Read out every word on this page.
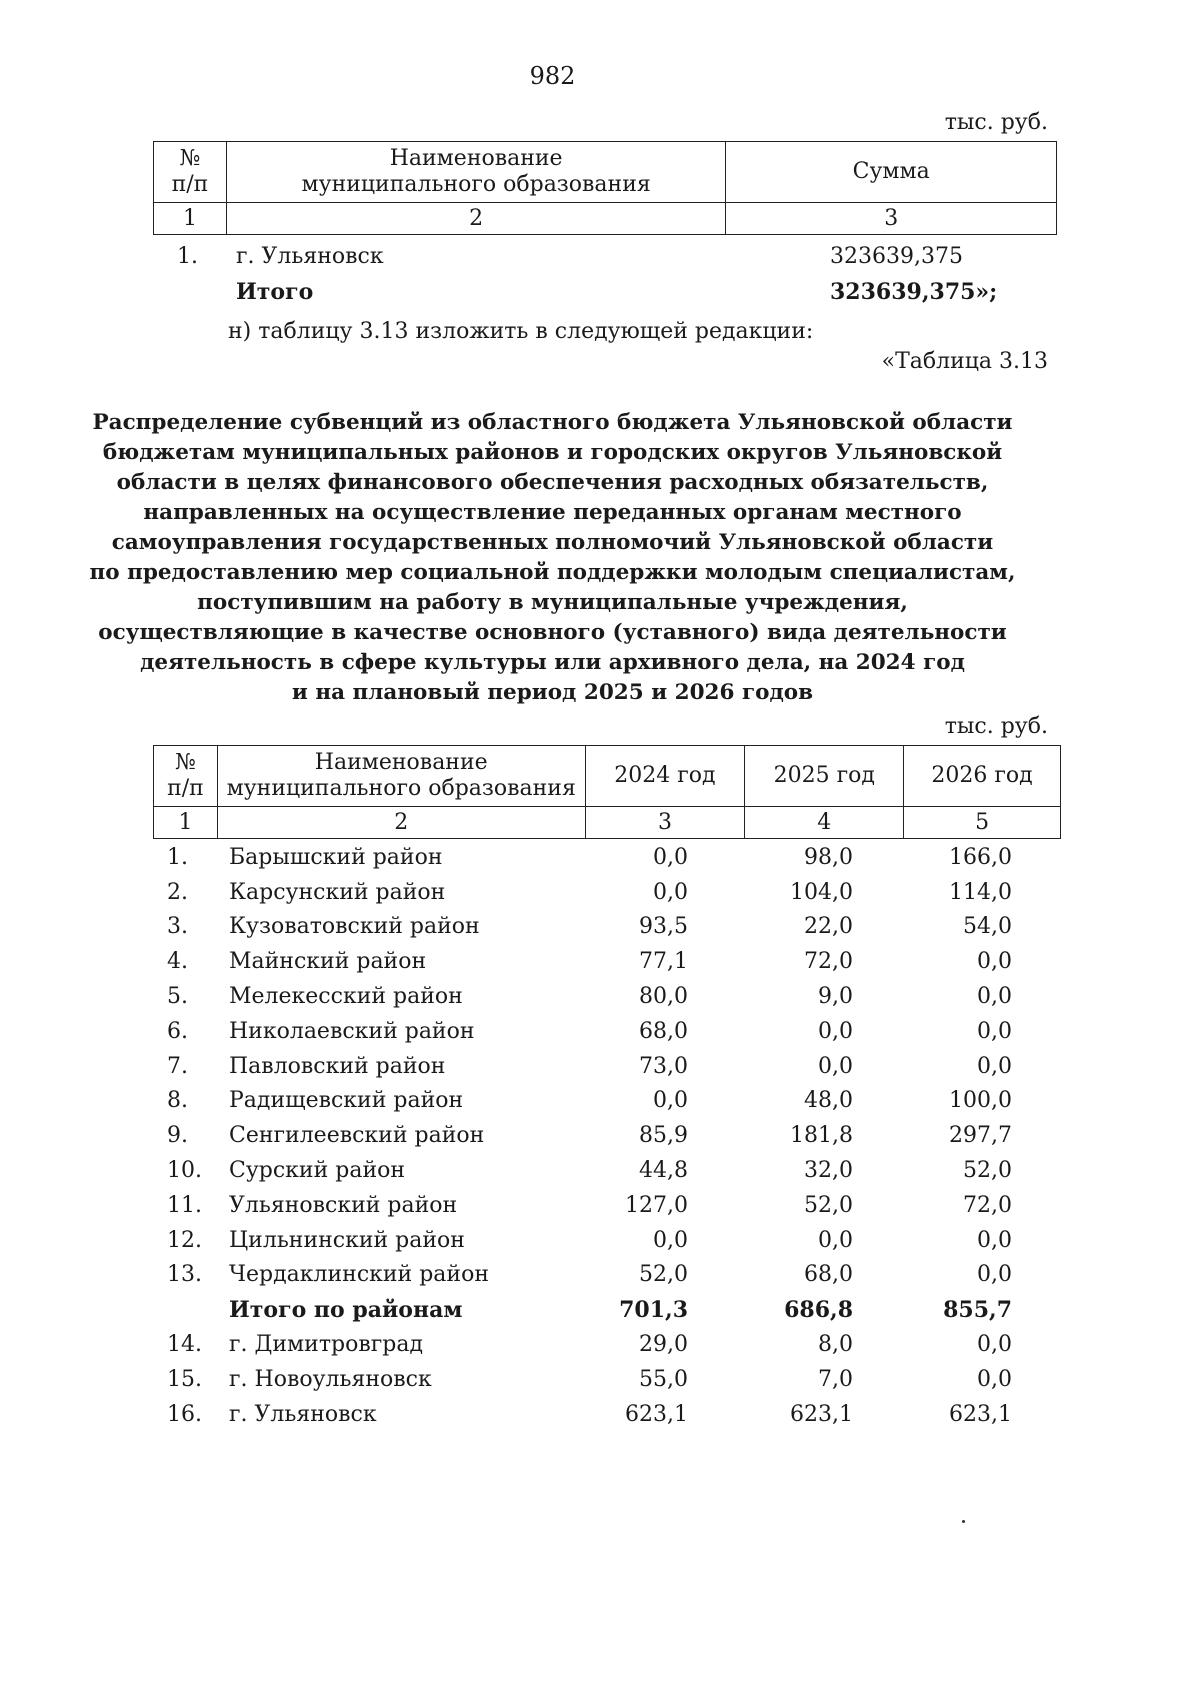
982
тыс. руб.
№
п/п	Наименование
муниципального образования	Сумма
1	2	3
1.	г. Ульяновск	323639,375
	Итого	323639,375»;
н) таблицу 3.13 изложить в следующей редакции:
«Таблица 3.13
Распределение субвенций из областного бюджета Ульяновской области
бюджетам муниципальных районов и городских округов Ульяновской
области в целях финансового обеспечения расходных обязательств,
направленных на осуществление переданных органам местного
самоуправления государственных полномочий Ульяновской области
по предоставлению мер социальной поддержки молодым специалистам,
поступившим на работу в муниципальные учреждения,
осуществляющие в качестве основного (уставного) вида деятельности
деятельность в сфере культуры или архивного дела, на 2024 год
и на плановый период 2025 и 2026 годов
тыс. руб.
№
п/п	Наименование
муниципального образования	2024 год	2025 год	2026 год
1	2	3	4	5
1.	Барышский район	0,0	98,0	166,0
2.	Карсунский район	0,0	104,0	114,0
3.	Кузоватовский район	93,5	22,0	54,0
4.	Майнский район	77,1	72,0	0,0
5.	Мелекесский район	80,0	9,0	0,0
6.	Николаевский район	68,0	0,0	0,0
7.	Павловский район	73,0	0,0	0,0
8.	Радищевский район	0,0	48,0	100,0
9.	Сенгилеевский район	85,9	181,8	297,7
10.	Сурский район	44,8	32,0	52,0
11.	Ульяновский район	127,0	52,0	72,0
12.	Цильнинский район	0,0	0,0	0,0
13.	Чердаклинский район	52,0	68,0	0,0
	Итого по районам	701,3	686,8	855,7
14.	г. Димитровград	29,0	8,0	0,0
15.	г. Новоульяновск	55,0	7,0	0,0
16.	г. Ульяновск	623,1	623,1	623,1
